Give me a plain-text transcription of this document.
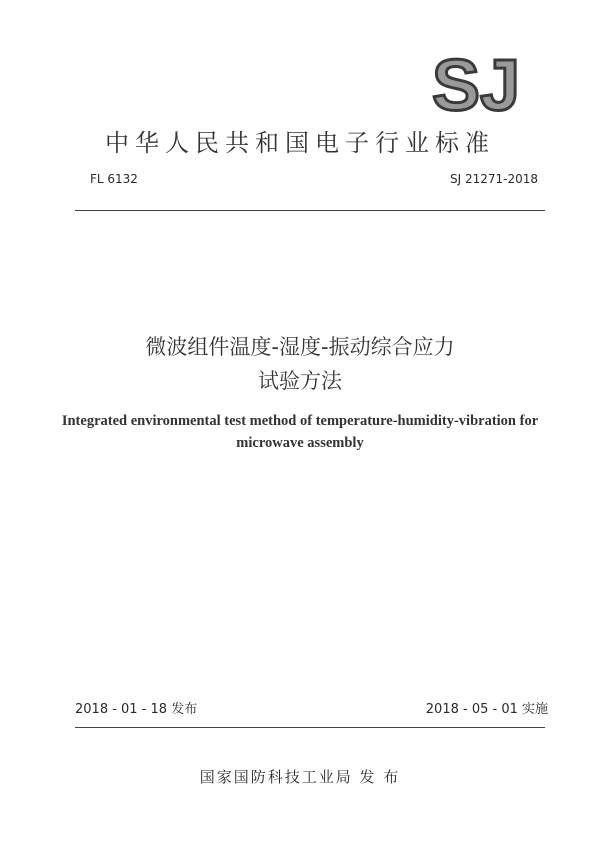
SJ
中华人民共和国电子行业标准
FL 6132	SJ 21271-2018
微波组件温度-湿度-振动综合应力
试验方法
Integrated environmental test method of temperature-humidity-vibration for
microwave assembly
2018 - 01 - 18 发布	2018 - 05 - 01 实施
国家国防科技工业局 发 布
